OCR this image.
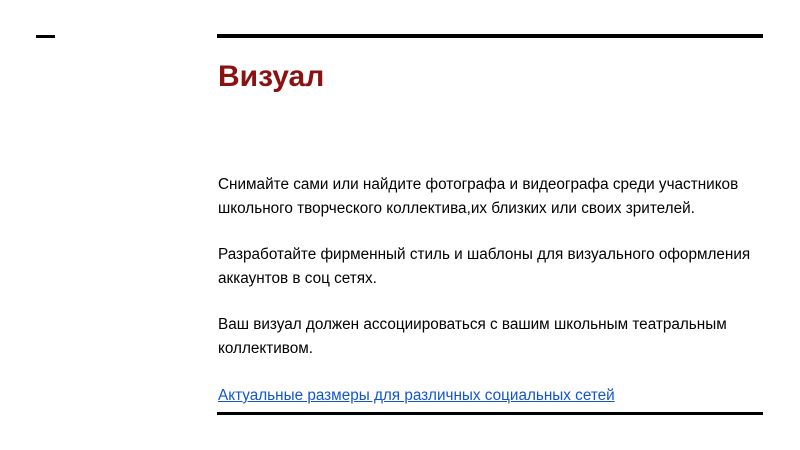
Визуал

Снимайте сами или найдите фотографа и видеографа среди участников школьного творческого коллектива,их близких или своих зрителей.

Разработайте фирменный стиль и шаблоны для визуального оформления аккаунтов в соц сетях.

Ваш визуал должен ассоциироваться с вашим школьным театральным коллективом.

Актуальные размеры для различных социальных сетей
